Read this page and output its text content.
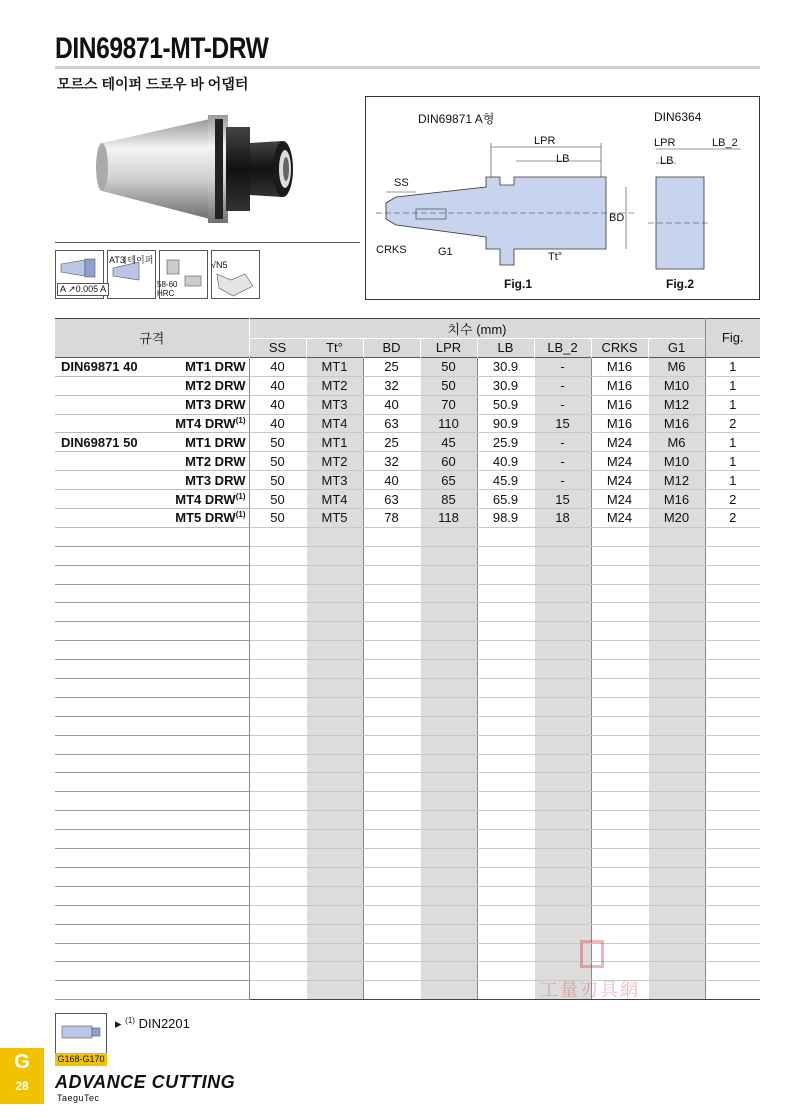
DIN69871-MT-DRW
모르스 테이퍼 드로우 바 어댑터
A ↗0.005 A
AT3 테이퍼
58-60 HRC
√N5
DIN69871 A형	DIN6364
LPR
LB
SS
BD
CRKS	G1	Tt°
LPR	LB_2
LB
Fig.1	Fig.2
규격	치수 (mm)								Fig.
	SS	Tt°	BD	LPR	LB	LB_2	CRKS	G1	

DIN69871 40 MT1 DRW	40	MT1	25	50	30.9	-	M16	M6	1
MT2 DRW	40	MT2	32	50	30.9	-	M16	M10	1
MT3 DRW	40	MT3	40	70	50.9	-	M16	M12	1
MT4 DRW$^{(1)}$	40	MT4	63	110	90.9	15	M16	M16	2

DIN69871 50 MT1 DRW	50	MT1	25	45	25.9	-	M24	M6	1
MT2 DRW	50	MT2	32	60	40.9	-	M24	M10	1
MT3 DRW	50	MT3	40	65	45.9	-	M24	M12	1
MT4 DRW$^{(1)}$	50	MT4	63	85	65.9	15	M24	M16	2
MT5 DRW$^{(1)}$	50	MT5	78	118	98.9	18	M24	M20	2

G168-G170
▸ $^{(1)}$ DIN2201
G
28	ADVANCE CUTTING
TaeguTec
工量刃具網
